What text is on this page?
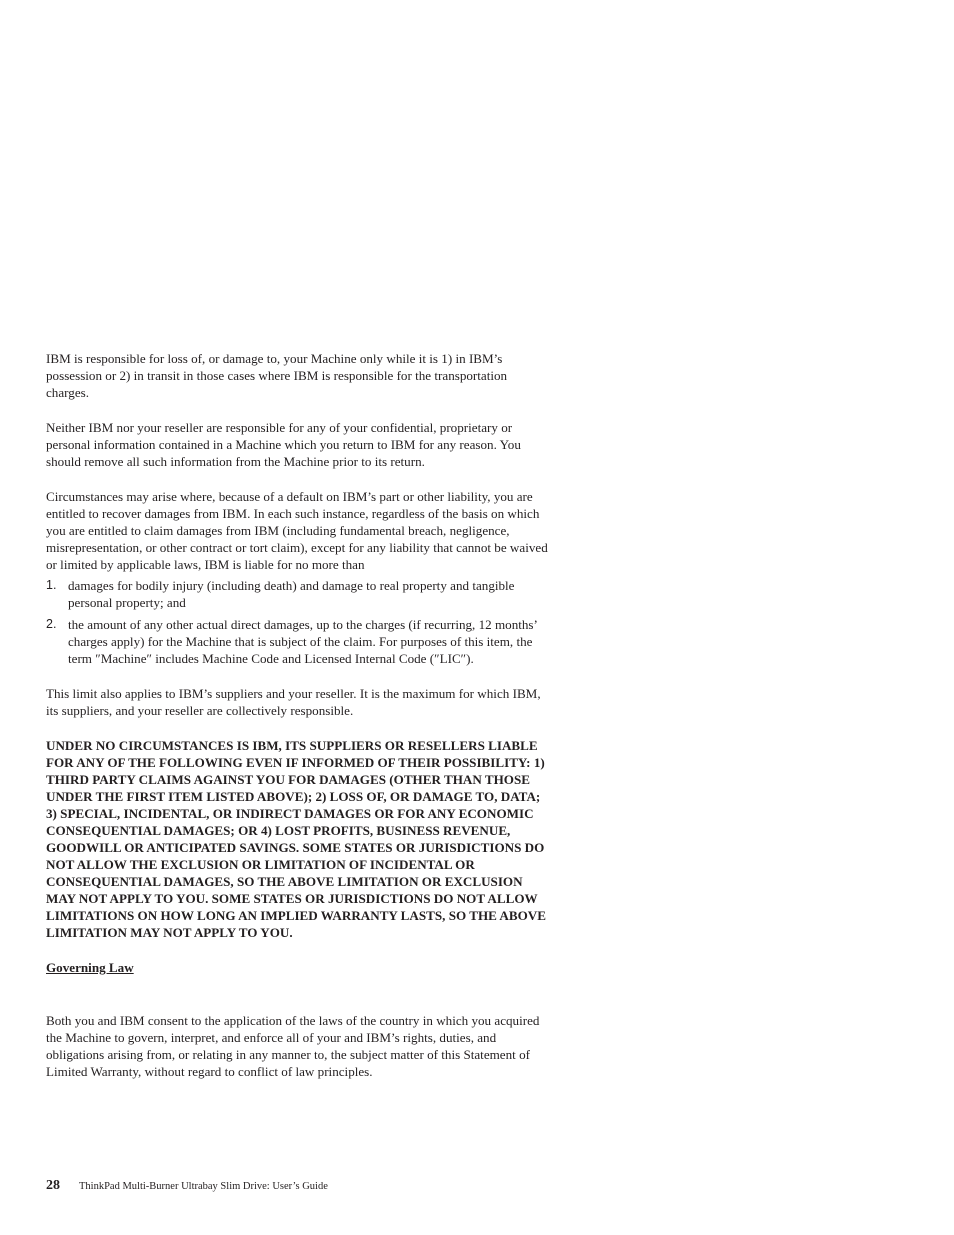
IBM is responsible for loss of, or damage to, your Machine only while it is 1) in IBM’s possession or 2) in transit in those cases where IBM is responsible for the transportation charges.

Neither IBM nor your reseller are responsible for any of your confidential, proprietary or personal information contained in a Machine which you return to IBM for any reason. You should remove all such information from the Machine prior to its return.

Circumstances may arise where, because of a default on IBM’s part or other liability, you are entitled to recover damages from IBM. In each such instance, regardless of the basis on which you are entitled to claim damages from IBM (including fundamental breach, negligence, misrepresentation, or other contract or tort claim), except for any liability that cannot be waived or limited by applicable laws, IBM is liable for no more than

1. damages for bodily injury (including death) and damage to real property and tangible personal property; and
2. the amount of any other actual direct damages, up to the charges (if recurring, 12 months’ charges apply) for the Machine that is subject of the claim. For purposes of this item, the term ″Machine″ includes Machine Code and Licensed Internal Code (″LIC″).

This limit also applies to IBM’s suppliers and your reseller. It is the maximum for which IBM, its suppliers, and your reseller are collectively responsible.

UNDER NO CIRCUMSTANCES IS IBM, ITS SUPPLIERS OR RESELLERS LIABLE FOR ANY OF THE FOLLOWING EVEN IF INFORMED OF THEIR POSSIBILITY: 1) THIRD PARTY CLAIMS AGAINST YOU FOR DAMAGES (OTHER THAN THOSE UNDER THE FIRST ITEM LISTED ABOVE); 2) LOSS OF, OR DAMAGE TO, DATA; 3) SPECIAL, INCIDENTAL, OR INDIRECT DAMAGES OR FOR ANY ECONOMIC CONSEQUENTIAL DAMAGES; OR 4) LOST PROFITS, BUSINESS REVENUE, GOODWILL OR ANTICIPATED SAVINGS. SOME STATES OR JURISDICTIONS DO NOT ALLOW THE EXCLUSION OR LIMITATION OF INCIDENTAL OR CONSEQUENTIAL DAMAGES, SO THE ABOVE LIMITATION OR EXCLUSION MAY NOT APPLY TO YOU. SOME STATES OR JURISDICTIONS DO NOT ALLOW LIMITATIONS ON HOW LONG AN IMPLIED WARRANTY LASTS, SO THE ABOVE LIMITATION MAY NOT APPLY TO YOU.

Governing Law

Both you and IBM consent to the application of the laws of the country in which you acquired the Machine to govern, interpret, and enforce all of your and IBM’s rights, duties, and obligations arising from, or relating in any manner to, the subject matter of this Statement of Limited Warranty, without regard to conflict of law principles.

28 ThinkPad Multi-Burner Ultrabay Slim Drive: User’s Guide
